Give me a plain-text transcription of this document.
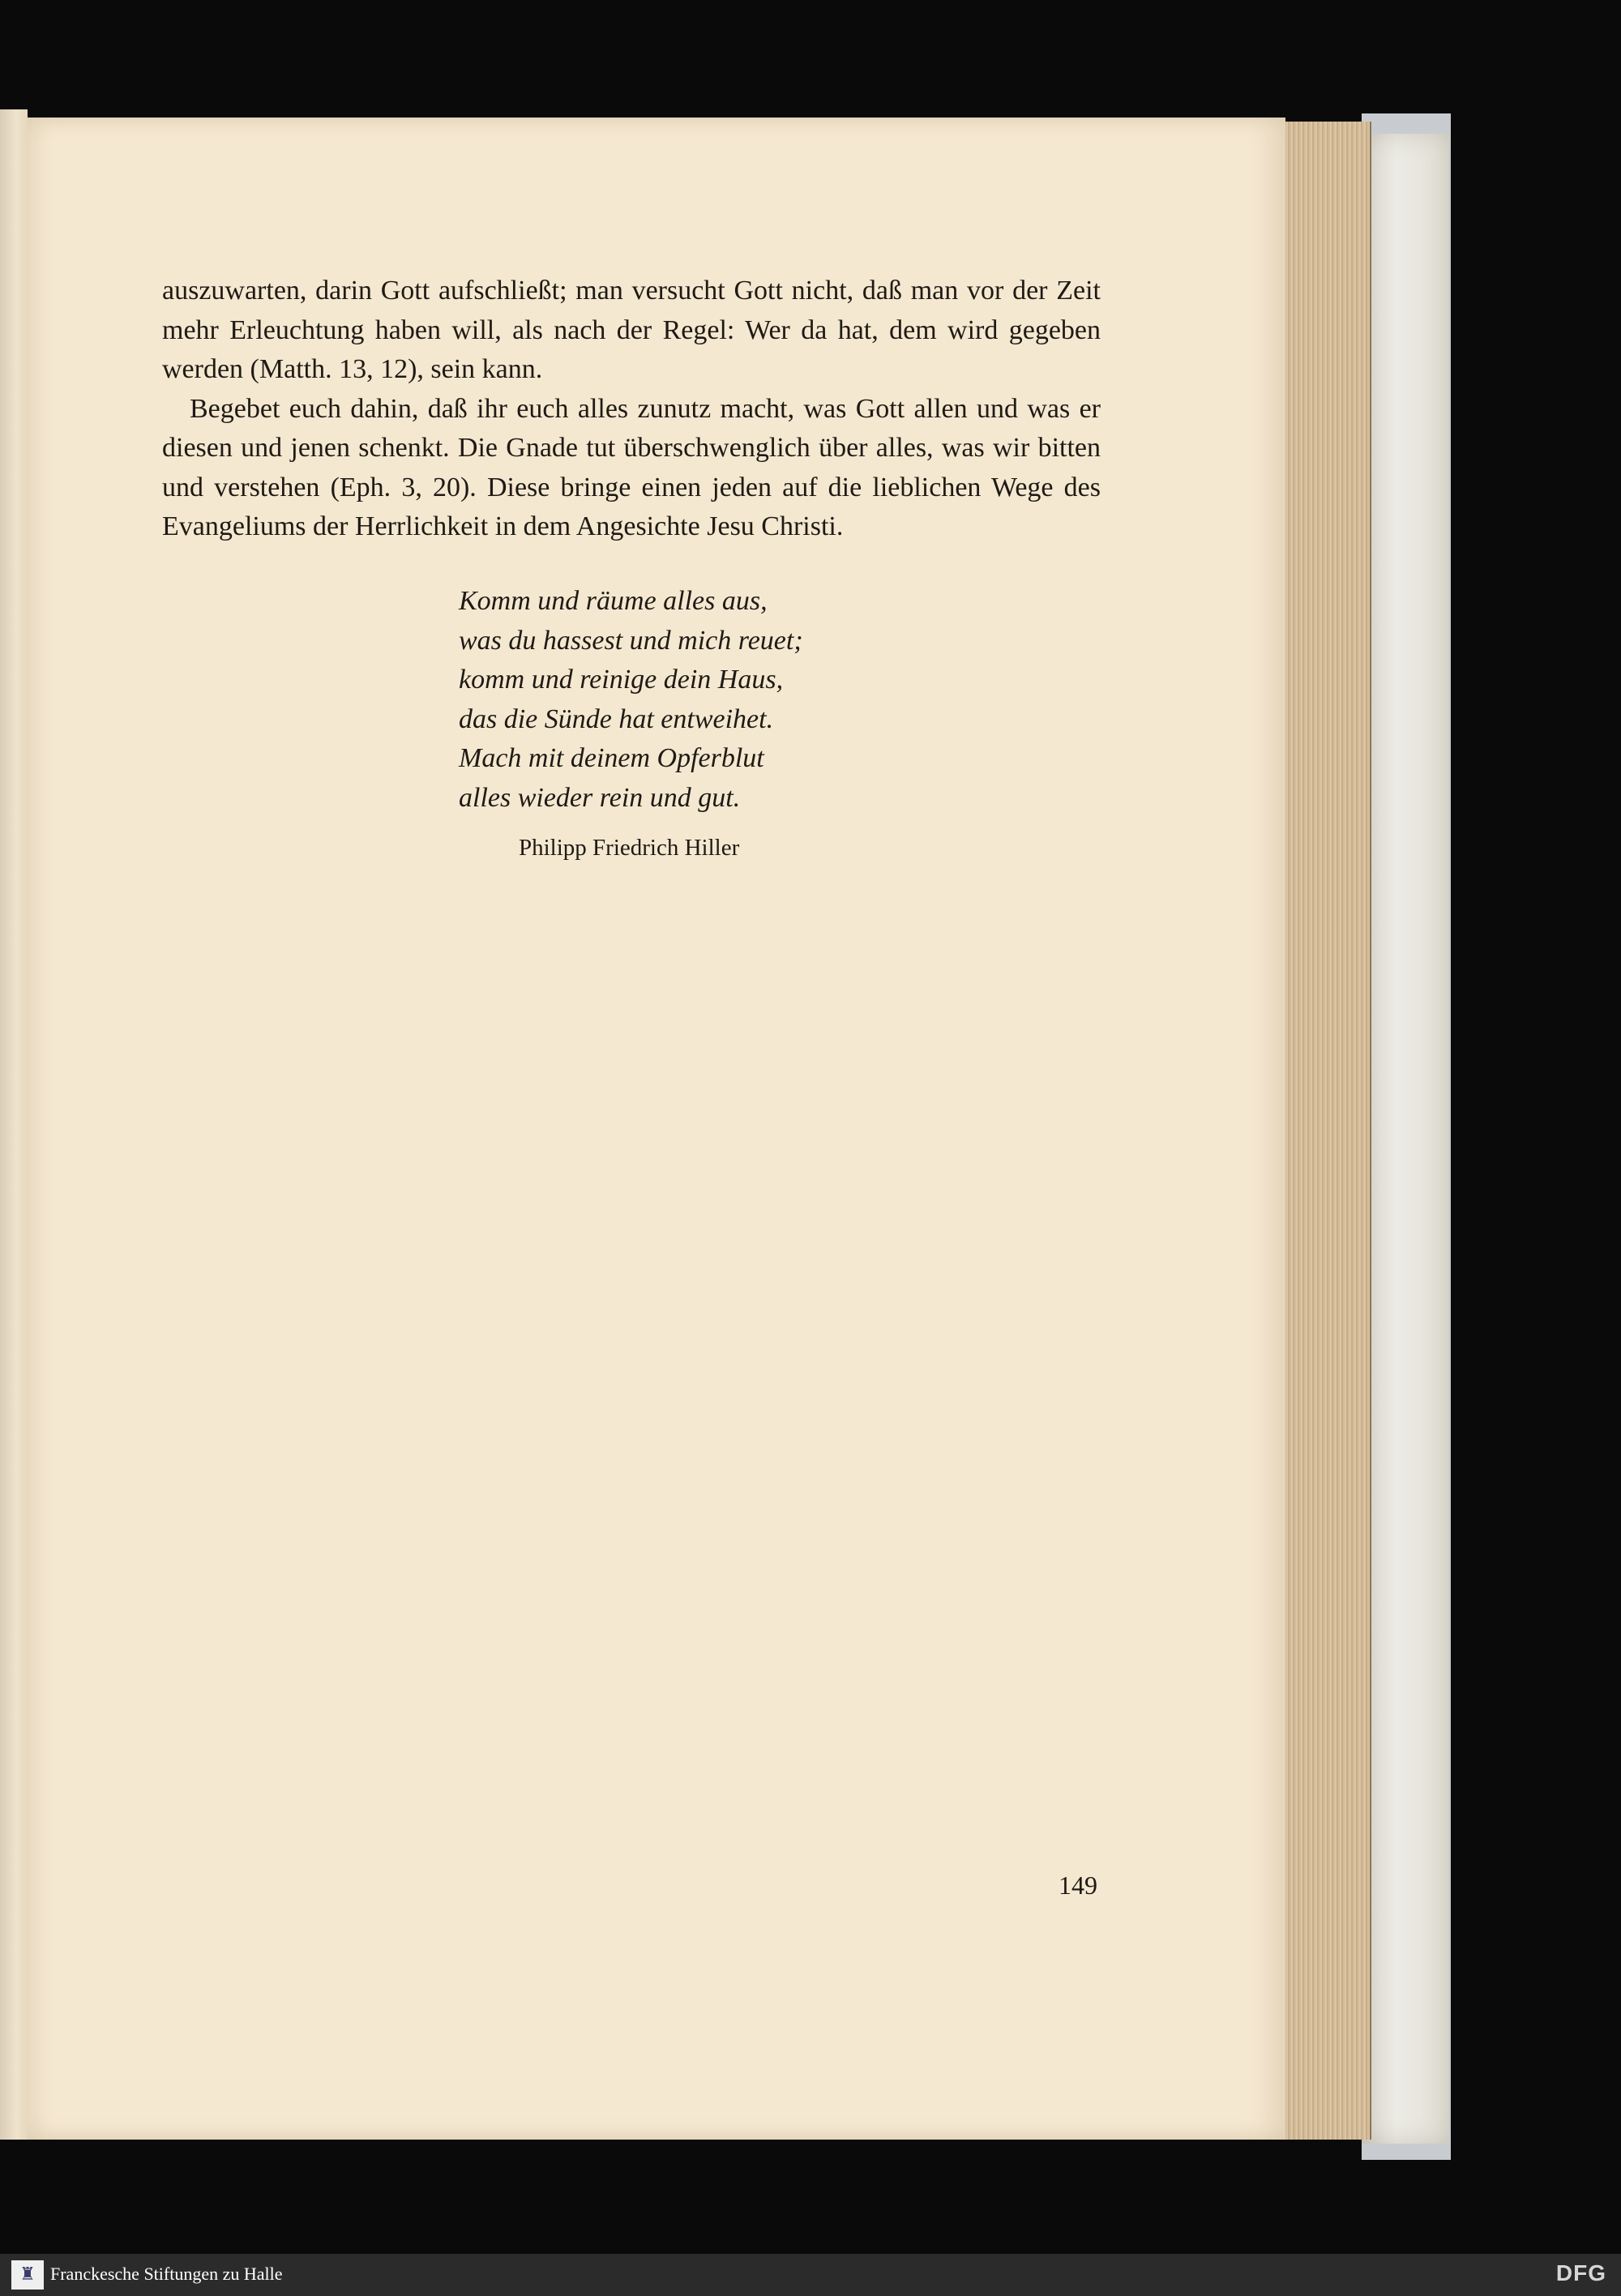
auszuwarten, darin Gott aufschließt; man versucht Gott nicht, daß man vor der Zeit mehr Erleuchtung haben will, als nach der Regel: Wer da hat, dem wird gegeben werden (Matth. 13, 12), sein kann.

Begebet euch dahin, daß ihr euch alles zunutz macht, was Gott allen und was er diesen und jenen schenkt. Die Gnade tut überschwenglich über alles, was wir bitten und verstehen (Eph. 3, 20). Diese bringe einen jeden auf die lieblichen Wege des Evangeliums der Herrlichkeit in dem Angesichte Jesu Christi.

Komm und räume alles aus,
was du hassest und mich reuet;
komm und reinige dein Haus,
das die Sünde hat entweihet.
Mach mit deinem Opferblut
alles wieder rein und gut.
Philipp Friedrich Hiller
149
♜ Franckesche Stiftungen zu Halle	DFG
